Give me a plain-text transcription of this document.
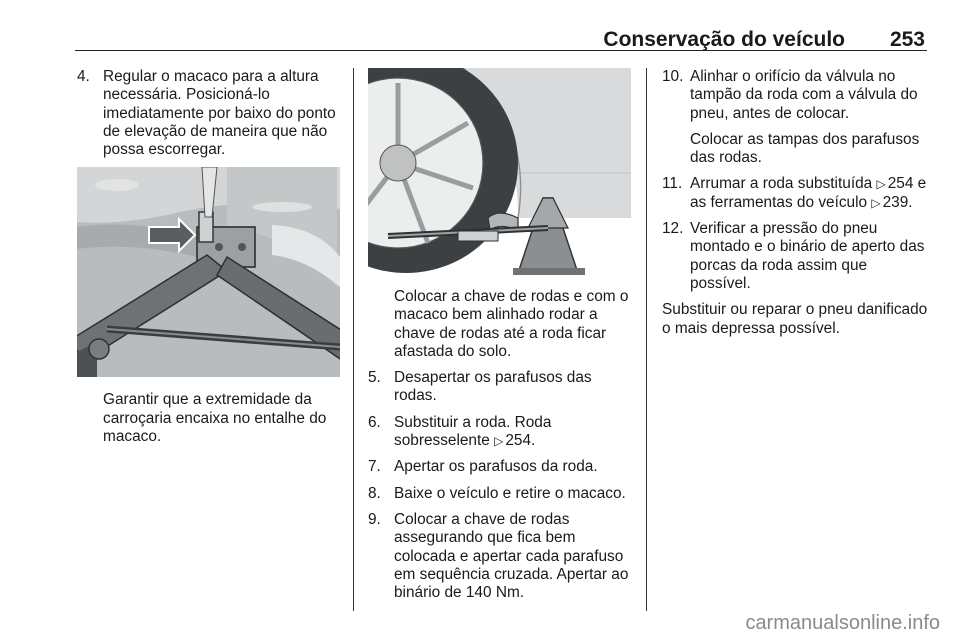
Conservação do veículo	253
4. Regular o macaco para a altura necessária. Posicioná-lo imediatamente por baixo do ponto de elevação de maneira que não possa escorregar.
Garantir que a extremidade da carroçaria encaixa no entalhe do macaco.
Colocar a chave de rodas e com o macaco bem alinhado rodar a chave de rodas até a roda ficar afastada do solo.
5. Desapertar os parafusos das rodas.
6. Substituir a roda. Roda sobresselente ▷ 254.
7. Apertar os parafusos da roda.
8. Baixe o veículo e retire o macaco.
9. Colocar a chave de rodas assegurando que fica bem colocada e apertar cada parafuso em sequência cruzada. Apertar ao binário de 140 Nm.
10. Alinhar o orifício da válvula no tampão da roda com a válvula do pneu, antes de colocar.
Colocar as tampas dos parafusos das rodas.
11. Arrumar a roda substituída ▷ 254 e as ferramentas do veículo ▷ 239.
12. Verificar a pressão do pneu montado e o binário de aperto das porcas da roda assim que possível.
Substituir ou reparar o pneu danificado o mais depressa possível.
carmanualsonline.info
